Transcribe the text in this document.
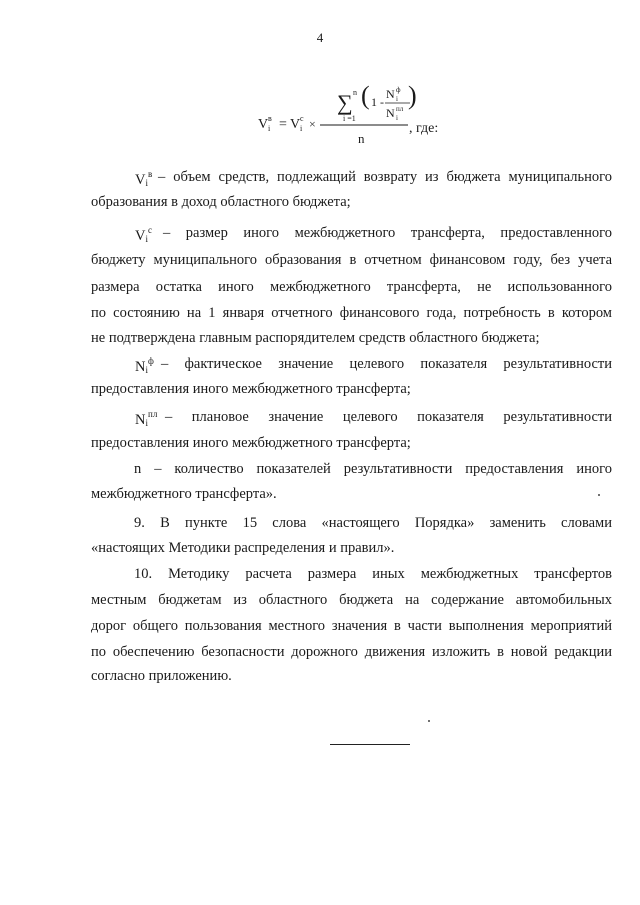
4
V в
i = V c
i ×
n
∑
i =1
( 1 -
N ф
i
N пл
i
)
n
, где:
$V_i^в$ – объем средств, подлежащий возврату из бюджета муниципального
образования в доход областного бюджета;
$V_i^c$ – размер иного межбюджетного трансферта, предоставленного
бюджету муниципального образования в отчетном финансовом году, без учета
размера остатка иного межбюджетного трансферта, не использованного
по состоянию на 1 января отчетного финансового года, потребность в котором
не подтверждена главным распорядителем средств областного бюджета;
$N_i^ф$ – фактическое значение целевого показателя результативности
предоставления иного межбюджетного трансферта;
$N_i^{пл}$ – плановое значение целевого показателя результативности
предоставления иного межбюджетного трансферта;
n – количество показателей результативности предоставления иного
межбюджетного трансферта».
9. В пункте 15 слова «настоящего Порядка» заменить словами
«настоящих Методики распределения и правил».
10. Методику расчета размера иных межбюджетных трансфертов
местным бюджетам из областного бюджета на содержание автомобильных
дорог общего пользования местного значения в части выполнения мероприятий
по обеспечению безопасности дорожного движения изложить в новой редакции
согласно приложению.
